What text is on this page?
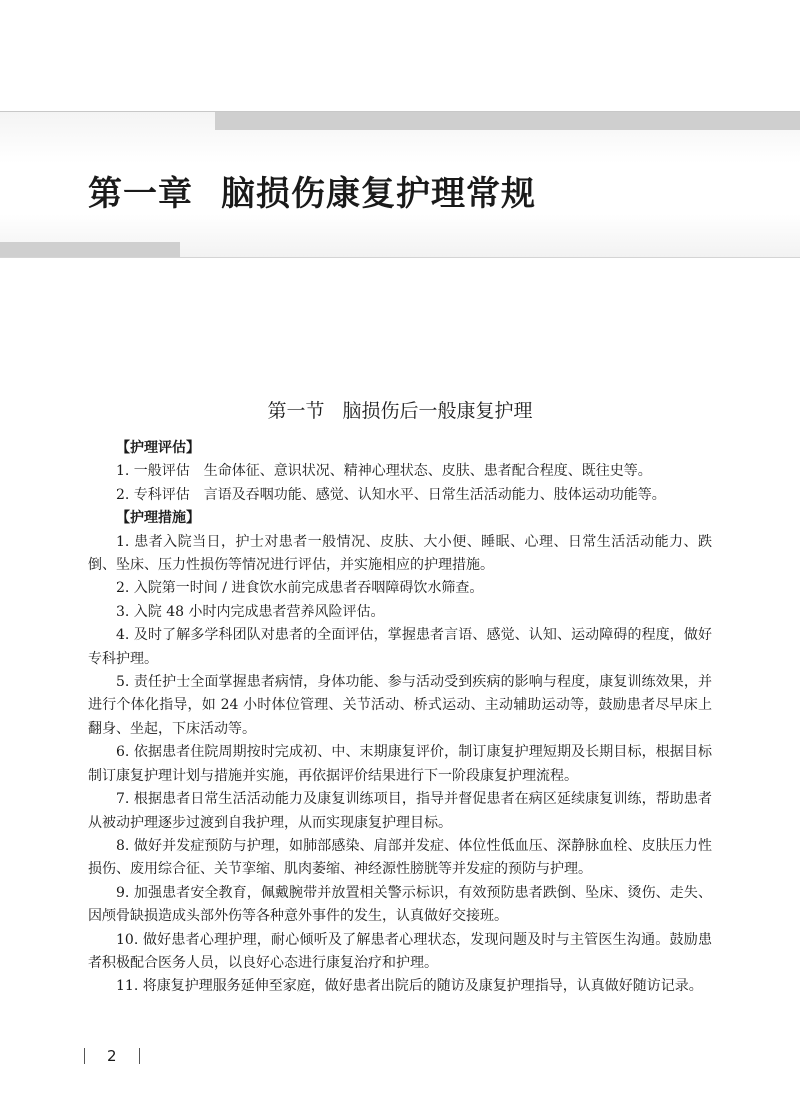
第一章 脑损伤康复护理常规
第一节 脑损伤后一般康复护理

【护理评估】

1. 一般评估　生命体征、意识状况、精神心理状态、皮肤、患者配合程度、既往史等。

2. 专科评估　言语及吞咽功能、感觉、认知水平、日常生活活动能力、肢体运动功能等。

【护理措施】

1. 患者入院当日，护士对患者一般情况、皮肤、大小便、睡眠、心理、日常生活活动能力、跌倒、坠床、压力性损伤等情况进行评估，并实施相应的护理措施。

2. 入院第一时间 / 进食饮水前完成患者吞咽障碍饮水筛查。

3. 入院 48 小时内完成患者营养风险评估。

4. 及时了解多学科团队对患者的全面评估，掌握患者言语、感觉、认知、运动障碍的程度，做好专科护理。

5. 责任护士全面掌握患者病情，身体功能、参与活动受到疾病的影响与程度，康复训练效果，并进行个体化指导，如 24 小时体位管理、关节活动、桥式运动、主动辅助运动等，鼓励患者尽早床上翻身、坐起，下床活动等。

6. 依据患者住院周期按时完成初、中、末期康复评价，制订康复护理短期及长期目标，根据目标制订康复护理计划与措施并实施，再依据评价结果进行下一阶段康复护理流程。

7. 根据患者日常生活活动能力及康复训练项目，指导并督促患者在病区延续康复训练，帮助患者从被动护理逐步过渡到自我护理，从而实现康复护理目标。

8. 做好并发症预防与护理，如肺部感染、肩部并发症、体位性低血压、深静脉血栓、皮肤压力性损伤、废用综合征、关节挛缩、肌肉萎缩、神经源性膀胱等并发症的预防与护理。

9. 加强患者安全教育，佩戴腕带并放置相关警示标识，有效预防患者跌倒、坠床、烫伤、走失、因颅骨缺损造成头部外伤等各种意外事件的发生，认真做好交接班。

10. 做好患者心理护理，耐心倾听及了解患者心理状态，发现问题及时与主管医生沟通。鼓励患者积极配合医务人员，以良好心态进行康复治疗和护理。

11. 将康复护理服务延伸至家庭，做好患者出院后的随访及康复护理指导，认真做好随访记录。

2
